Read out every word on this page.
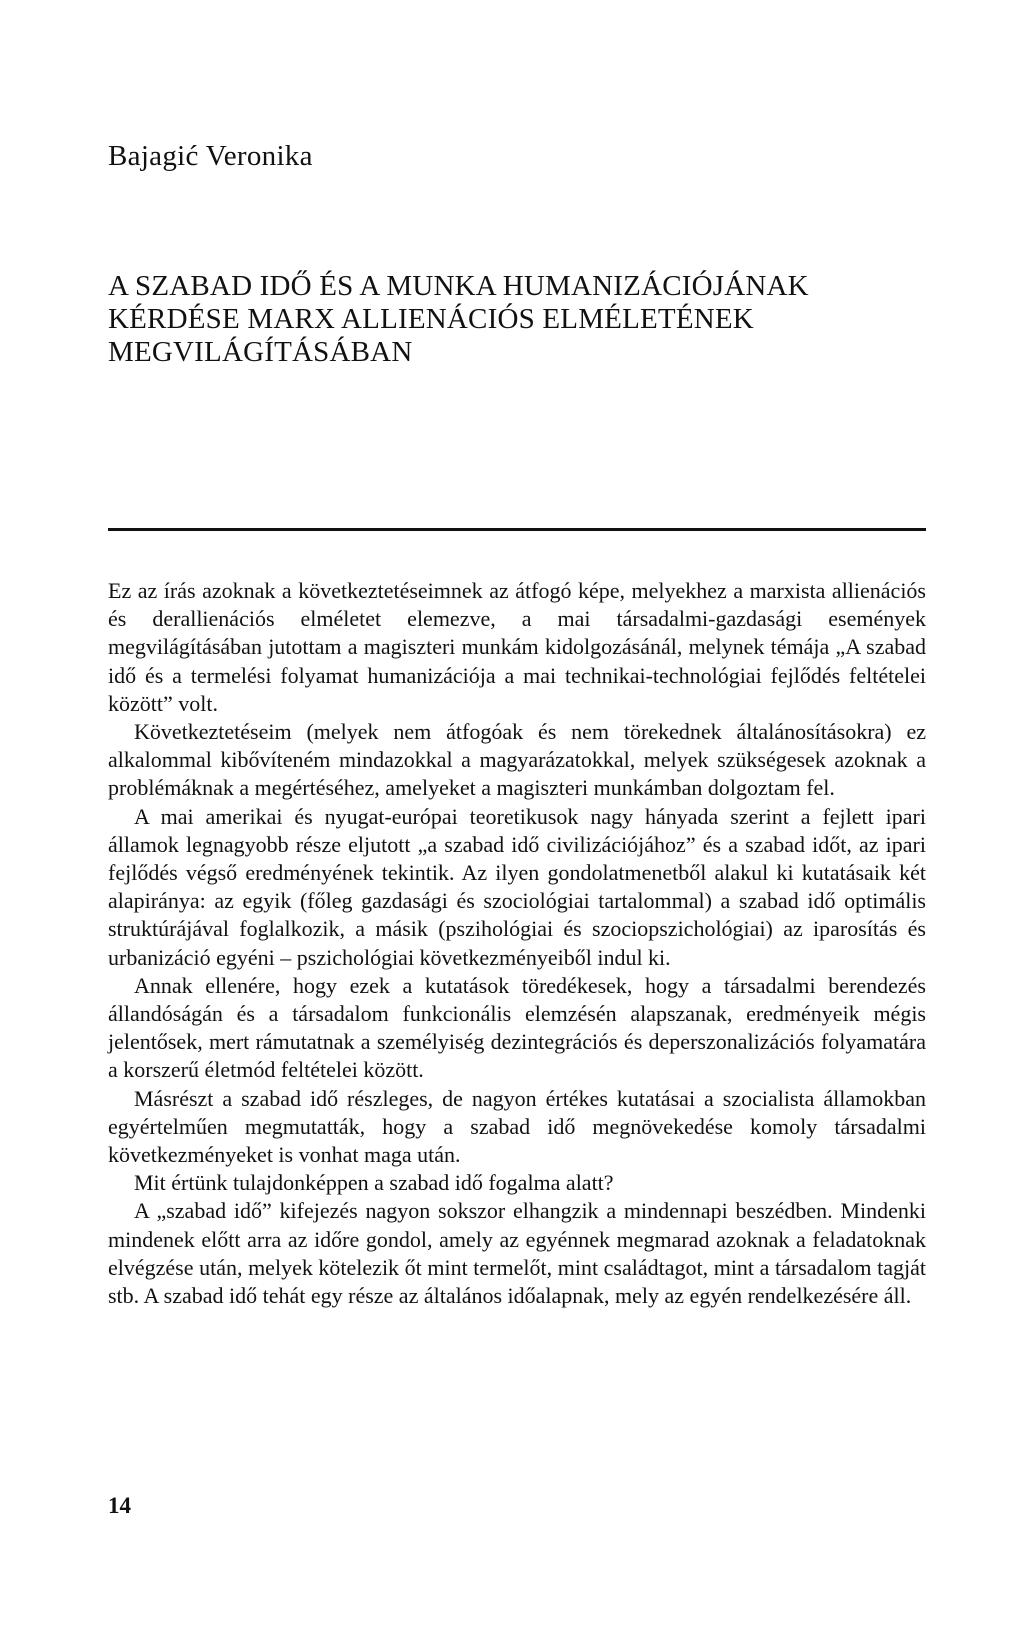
Bajagić Veronika
A SZABAD IDŐ ÉS A MUNKA HUMANIZÁCIÓJÁNAK
KÉRDÉSE MARX ALLIENÁCIÓS ELMÉLETÉNEK
MEGVILÁGÍTÁSÁBAN

Ez az írás azoknak a következtetéseimnek az átfogó képe, melyekhez a marxista allienációs és derallienációs elméletet elemezve, a mai társadalmi-gazdasági események megvilágításában jutottam a magiszteri munkám kidolgozásánál, melynek témája „A szabad idő és a termelési folyamat humanizációja a mai technikai-technológiai fejlődés feltételei között” volt.

Következtetéseim (melyek nem átfogóak és nem törekednek általánosításokra) ez alkalommal kibővíteném mindazokkal a magyarázatokkal, melyek szükségesek azoknak a problémáknak a megértéséhez, amelyeket a magiszteri munkámban dolgoztam fel.

A mai amerikai és nyugat-európai teoretikusok nagy hányada szerint a fejlett ipari államok legnagyobb része eljutott „a szabad idő civilizációjához” és a szabad időt, az ipari fejlődés végső eredményének tekintik. Az ilyen gondolatmenetből alakul ki kutatásaik két alapiránya: az egyik (főleg gazdasági és szociológiai tartalommal) a szabad idő optimális struktúrájával foglalkozik, a másik (pszihológiai és szociopszichológiai) az iparosítás és urbanizáció egyéni – pszichológiai következményeiből indul ki.

Annak ellenére, hogy ezek a kutatások töredékesek, hogy a társadalmi berendezés állandóságán és a társadalom funkcionális elemzésén alapszanak, eredményeik mégis jelentősek, mert rámutatnak a személyiség dezintegrációs és deperszonalizációs folyamatára a korszerű életmód feltételei között.

Másrészt a szabad idő részleges, de nagyon értékes kutatásai a szocialista államokban egyértelműen megmutatták, hogy a szabad idő megnövekedése komoly társadalmi következményeket is vonhat maga után.

Mit értünk tulajdonképpen a szabad idő fogalma alatt?

A „szabad idő” kifejezés nagyon sokszor elhangzik a mindennapi beszédben. Mindenki mindenek előtt arra az időre gondol, amely az egyénnek megmarad azoknak a feladatoknak elvégzése után, melyek kötelezik őt mint termelőt, mint családtagot, mint a társadalom tagját stb. A szabad idő tehát egy része az általános időalapnak, mely az egyén rendelkezésére áll.

14
